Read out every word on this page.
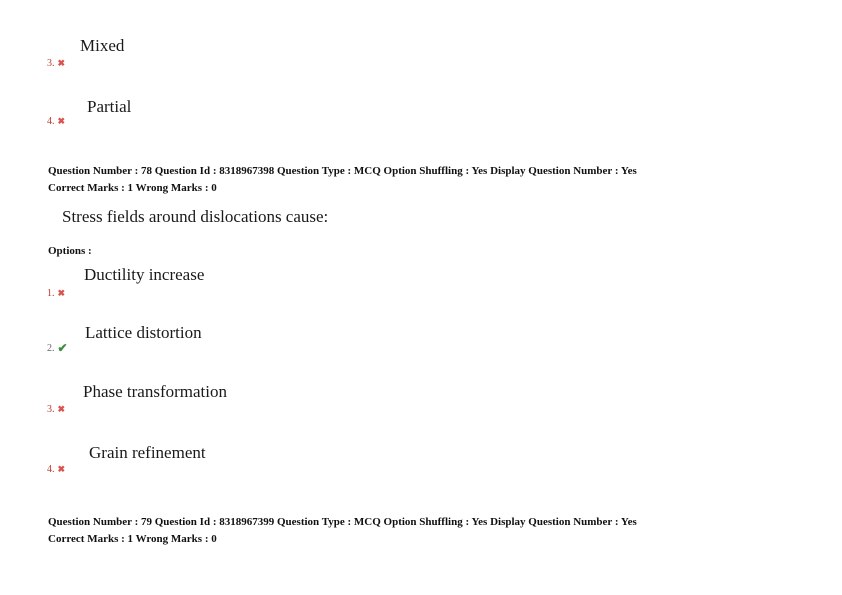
Mixed
3. ✖
Partial
4. ✖
Question Number : 78 Question Id : 8318967398 Question Type : MCQ Option Shuffling : Yes Display Question Number : Yes
Correct Marks : 1 Wrong Marks : 0
Stress fields around dislocations cause:
Options :
Ductility increase
1. ✖
Lattice distortion
2. ✔
Phase transformation
3. ✖
Grain refinement
4. ✖
Question Number : 79 Question Id : 8318967399 Question Type : MCQ Option Shuffling : Yes Display Question Number : Yes
Correct Marks : 1 Wrong Marks : 0
